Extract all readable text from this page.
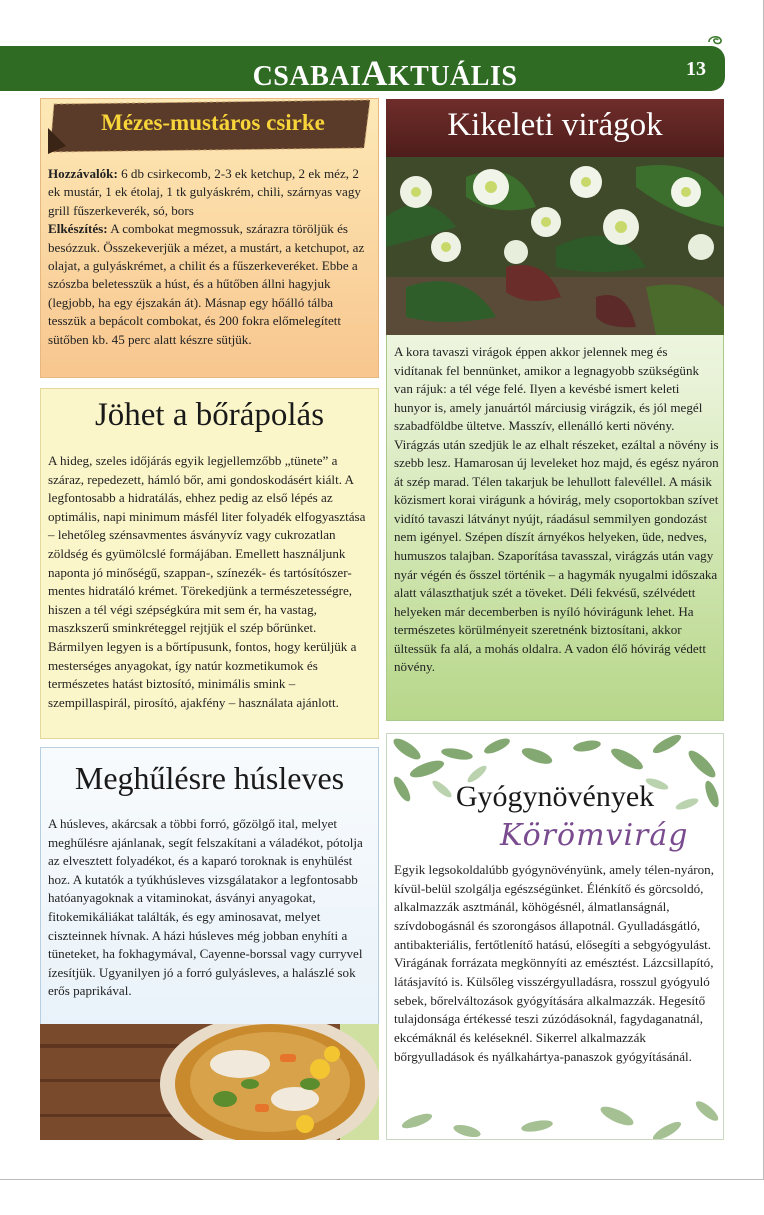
CSABAIAKTUÁLIS	13
Mézes-mustáros csirke
Hozzávalók: 6 db csirkecomb, 2-3 ek ketchup, 2 ek méz, 2 ek mustár, 1 ek étolaj, 1 tk gulyáskrém, chili, szárnyas vagy grill fűszerkeverék, só, bors
Elkészítés: A combokat megmossuk, szárazra töröljük és besózzuk. Összekeverjük a mézet, a mustárt, a ketchupot, az olajat, a gulyáskrémet, a chilit és a fűszerkeveréket. Ebbe a szószba beletesszük a húst, és a hűtőben állni hagyjuk (legjobb, ha egy éjszakán át). Másnap egy hőálló tálba tesszük a bepácolt combokat, és 200 fokra előmelegített sütőben kb. 45 perc alatt készre sütjük.
Jöhet a bőrápolás
A hideg, szeles időjárás egyik legjellemzőbb „tünete” a száraz, repedezett, hámló bőr, ami gondoskodásért kiált. A legfontosabb a hidratálás, ehhez pedig az első lépés az optimális, napi minimum másfél liter folyadék elfogyasztása – lehetőleg szénsavmentes ásványvíz vagy cukrozatlan zöldség és gyümölcslé formájában. Emellett használjunk naponta jó minőségű, szappan-, színezék- és tartósítószer-mentes hidratáló krémet. Törekedjünk a természetességre, hiszen a tél végi szépségkúra mit sem ér, ha vastag, maszkszerű sminkréteggel rejtjük el szép bőrünket. Bármilyen legyen is a bőrtípusunk, fontos, hogy kerüljük a mesterséges anyagokat, így natúr kozmetikumok és természetes hatást biztosító, minimális smink – szempillaspirál, pirosító, ajakfény – használata ajánlott.
Meghűlésre húsleves
A húsleves, akárcsak a többi forró, gőzölgő ital, melyet meghűlésre ajánlanak, segít felszakítani a váladékot, pótolja az elvesztett folyadékot, és a kaparó toroknak is enyhülést hoz. A kutatók a tyúkhúsleves vizsgálatakor a legfontosabb hatóanyagoknak a vitaminokat, ásványi anyagokat, fitokemikáliákat találták, és egy aminosavat, melyet ciszteinnek hívnak. A házi húsleves még jobban enyhíti a tüneteket, ha fokhagymával, Cayenne-borssal vagy curryvel ízesítjük. Ugyanilyen jó a forró gulyásleves, a halászlé sok erős paprikával.
Kikeleti virágok
A kora tavaszi virágok éppen akkor jelennek meg és vidítanak fel bennünket, amikor a legnagyobb szükségünk van rájuk: a tél vége felé. Ilyen a kevésbé ismert keleti hunyor is, amely januártól márciusig virágzik, és jól megél szabadföldbe ültetve. Masszív, ellenálló kerti növény. Virágzás után szedjük le az elhalt részeket, ezáltal a növény is szebb lesz. Hamarosan új leveleket hoz majd, és egész nyáron át szép marad. Télen takarjuk be lehullott falevéllel. A másik közismert korai virágunk a hóvirág, mely csoportokban szívet vidító tavaszi látványt nyújt, ráadásul semmilyen gondozást nem igényel. Szépen díszít árnyékos helyeken, üde, nedves, humuszos talajban. Szaporítása tavasszal, virágzás után vagy nyár végén és ősszel történik – a hagymák nyugalmi időszaka alatt választhatjuk szét a töveket. Déli fekvésű, szélvédett helyeken már decemberben is nyíló hóvirágunk lehet. Ha természetes körülményeit szeretnénk biztosítani, akkor ültessük fa alá, a mohás oldalra. A vadon élő hóvirág védett növény.
Gyógynövények
Körömvirág
Egyik legsokoldalúbb gyógynövényünk, amely télen-nyáron, kívül-belül szolgálja egészségünket. Élénkítő és görcsoldó, alkalmazzák asztmánál, köhögésnél, álmatlanságnál, szívdobogásnál és szorongásos állapotnál. Gyulladásgátló, antibakteriális, fertőtlenítő hatású, elősegíti a sebgyógyulást. Virágának forrázata megkönnyíti az emésztést. Lázcsillapító, látásjavító is. Külsőleg visszérgyulladásra, rosszul gyógyuló sebek, bőrelváltozások gyógyítására alkalmazzák. Hegesítő tulajdonsága értékessé teszi zúzódásoknál, fagydaganatnál, ekcémáknál és keléseknél. Sikerrel alkalmazzák bőrgyulladások és nyálkahártya-panaszok gyógyításánál.
